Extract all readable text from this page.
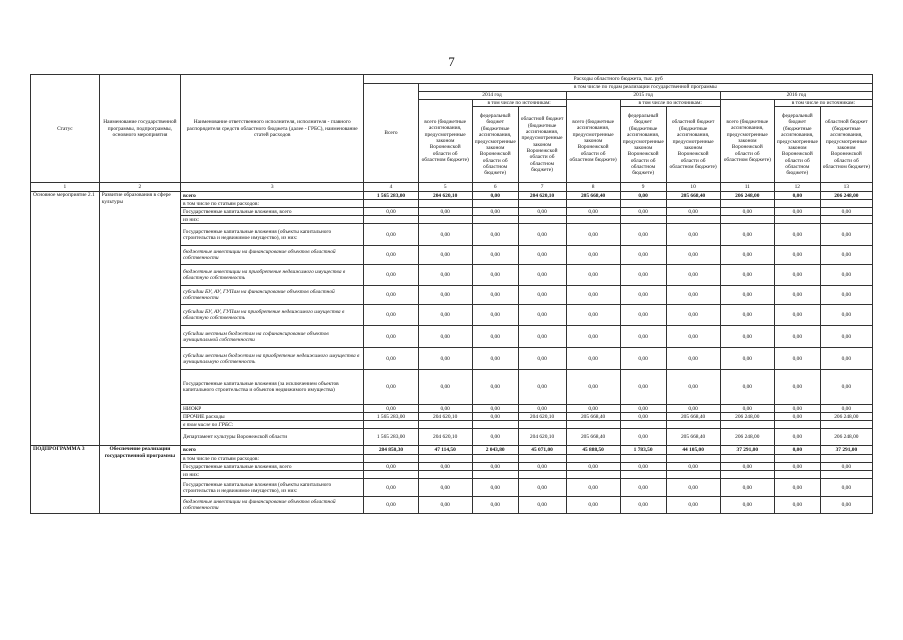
7
Статус	Наименование государственной программы, подпрограммы, основного мероприятия	Наименование ответственного исполнителя, исполнителя - главного распорядителя средств областного бюджета (далее - ГРБС), наименование статей расходов	Расходы областного бюджета, тыс. руб									
			Всего	в том числе по годам реализации государственной программы								
				2014 год			2015 год			2016 год		
				всего (бюджетные ассигнования, предусмотренные законом Воронежской области об областном бюджете)	в том числе по источникам:		всего (бюджетные ассигнования, предусмотренные законом Воронежской области об областном бюджете)	в том числе по источникам:		всего (бюджетные ассигнования, предусмотренные законом Воронежской области об областном бюджете)	в том числе по источникам:	
					федеральный бюджет (бюджетные ассигнования, предусмотренные законом Воронежской области об областном бюджете)	областной бюджет (бюджетные ассигнования, предусмотренные законом Воронежской области об областном бюджете)		федеральный бюджет (бюджетные ассигнования, предусмотренные законом Воронежской области об областном бюджете)	областной бюджет (бюджетные ассигнования, предусмотренные законом Воронежской области об областном бюджете)		федеральный бюджет (бюджетные ассигнования, предусмотренные законом Воронежской области об областном бюджете)	областной бюджет (бюджетные ассигнования, предусмотренные законом Воронежской области об областном бюджете)
1	2	3	4	5	6	7	8	9	10	11	12	13
Основное мероприятие 2.1	Развитие образования в сфере культуры	всего	1 565 283,00	204 620,10	0,00	204 620,10	205 668,40	0,00	205 668,40	206 248,00	0,00	206 248,00
		в том числе по статьям расходов:										
		Государственные капитальные вложения, всего	0,00	0,00	0,00	0,00	0,00	0,00	0,00	0,00	0,00	0,00
		из них:										
		Государственные капитальные вложения (объекты капитального строительства и недвижимое имущество), из них:	0,00	0,00	0,00	0,00	0,00	0,00	0,00	0,00	0,00	0,00
		бюджетные инвестиции на финансирование объектов областной собственности	0,00	0,00	0,00	0,00	0,00	0,00	0,00	0,00	0,00	0,00
		бюджетные инвестиции на приобретение недвижимого имущества в областную собственность	0,00	0,00	0,00	0,00	0,00	0,00	0,00	0,00	0,00	0,00
		субсидии БУ, АУ, ГУПам на финансирование объектов областной собственности	0,00	0,00	0,00	0,00	0,00	0,00	0,00	0,00	0,00	0,00
		субсидии БУ, АУ, ГУПам на приобретение недвижимого имущества в областную собственность	0,00	0,00	0,00	0,00	0,00	0,00	0,00	0,00	0,00	0,00
		субсидии местным бюджетам на софинансирование объектов муниципальной собственности	0,00	0,00	0,00	0,00	0,00	0,00	0,00	0,00	0,00	0,00
		субсидии местным бюджетам на приобретение недвижимого имущества в муниципальную собственность	0,00	0,00	0,00	0,00	0,00	0,00	0,00	0,00	0,00	0,00
		Государственные капитальные вложения (за исключением объектов капитального строительства и объектов недвижимого имущества)	0,00	0,00	0,00	0,00	0,00	0,00	0,00	0,00	0,00	0,00
		НИОКР	0,00	0,00	0,00	0,00	0,00	0,00	0,00	0,00	0,00	0,00
		ПРОЧИЕ расходы	1 565 283,00	204 620,10	0,00	204 620,10	205 668,40	0,00	205 668,40	206 248,00	0,00	206 248,00
		в том числе по ГРБС:										
		Департамент культуры Воронежской области	1 565 283,00	204 620,10	0,00	204 620,10	205 668,40	0,00	205 668,40	206 248,00	0,00	206 248,00
ПОДПРОГРАММА 3	Обеспечение реализации государственной программы	всего	284 850,30	47 114,50	2 043,80	45 071,00	45 888,50	1 783,50	44 105,00	37 291,00	0,00	37 291,00
		в том числе по статьям расходов:										
		Государственные капитальные вложения, всего	0,00	0,00	0,00	0,00	0,00	0,00	0,00	0,00	0,00	0,00
		из них:										
		Государственные капитальные вложения (объекты капитального строительства и недвижимое имущество), из них:	0,00	0,00	0,00	0,00	0,00	0,00	0,00	0,00	0,00	0,00
		бюджетные инвестиции на финансирование объектов областной собственности	0,00	0,00	0,00	0,00	0,00	0,00	0,00	0,00	0,00	0,00
